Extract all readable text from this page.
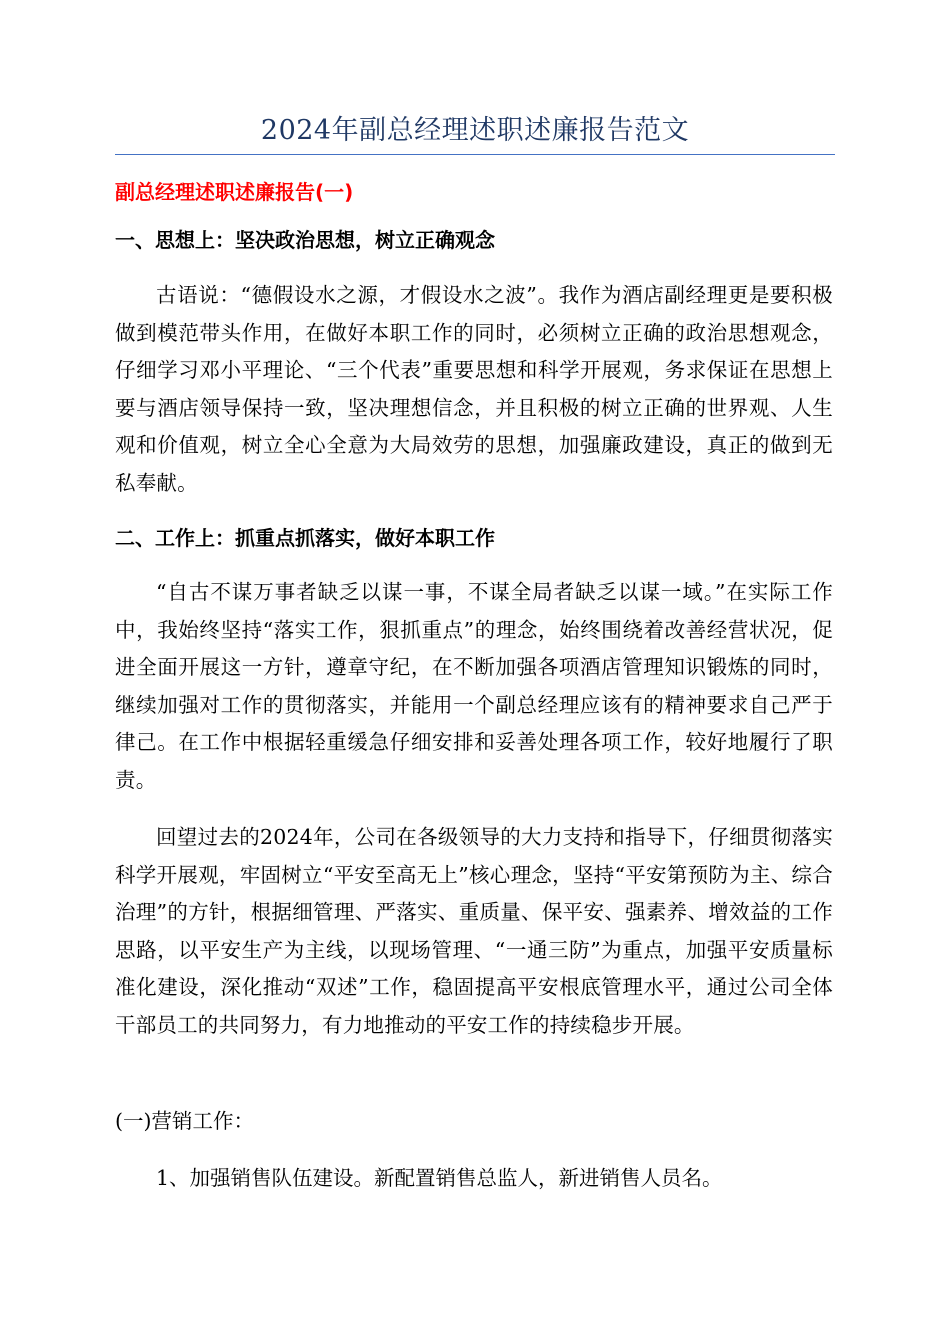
2024年副总经理述职述廉报告范文
副总经理述职述廉报告(一)
一、思想上：坚决政治思想，树立正确观念
古语说：“德假设水之源，才假设水之波”。我作为酒店副经理更是要积极做到模范带头作用，在做好本职工作的同时，必须树立正确的政治思想观念，仔细学习邓小平理论、“三个代表”重要思想和科学开展观，务求保证在思想上要与酒店领导保持一致，坚决理想信念，并且积极的树立正确的世界观、人生观和价值观，树立全心全意为大局效劳的思想，加强廉政建设，真正的做到无私奉献。
二、工作上：抓重点抓落实，做好本职工作
“自古不谋万事者缺乏以谋一事，不谋全局者缺乏以谋一域。”在实际工作中，我始终坚持“落实工作，狠抓重点”的理念，始终围绕着改善经营状况，促进全面开展这一方针，遵章守纪，在不断加强各项酒店管理知识锻炼的同时，继续加强对工作的贯彻落实，并能用一个副总经理应该有的精神要求自己严于律己。在工作中根据轻重缓急仔细安排和妥善处理各项工作，较好地履行了职责。
回望过去的2024年，公司在各级领导的大力支持和指导下，仔细贯彻落实科学开展观，牢固树立“平安至高无上”核心理念，坚持“平安第预防为主、综合治理”的方针，根据细管理、严落实、重质量、保平安、强素养、增效益的工作思路，以平安生产为主线，以现场管理、“一通三防”为重点，加强平安质量标准化建设，深化推动“双述”工作，稳固提高平安根底管理水平，通过公司全体干部员工的共同努力，有力地推动的平安工作的持续稳步开展。
(一)营销工作：
1、加强销售队伍建设。新配置销售总监人，新进销售人员名。
